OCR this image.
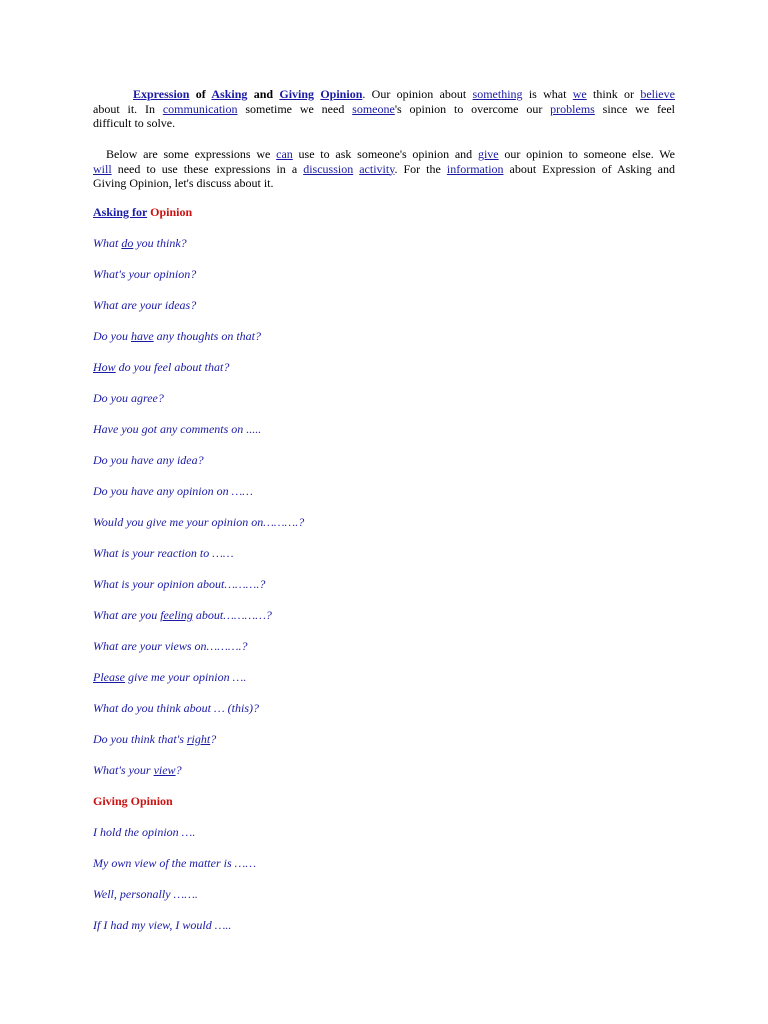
Expression of Asking and Giving Opinion. Our opinion about something is what we think or believe
about it. In communication sometime we need someone's opinion to overcome our problems since we feel
difficult to solve.
Below are some expressions we can use to ask someone's opinion and give our opinion to someone else. We
will need to use these expressions in a discussion activity. For the information about Expression of Asking and
Giving Opinion, let's discuss about it.
Asking for Opinion
What do you think?
What's your opinion?
What are your ideas?
Do you have any thoughts on that?
How do you feel about that?
Do you agree?
Have you got any comments on .....
Do you have any idea?
Do you have any opinion on ……
Would you give me your opinion on……….?
What is your reaction to ……
What is your opinion about……….?
What are you feeling about…………?
What are your views on……….?
Please give me your opinion ….
What do you think about … (this)?
Do you think that's right?
What's your view?
Giving Opinion
I hold the opinion ….
My own view of the matter is ……
Well, personally …….
If I had my view, I would …..
